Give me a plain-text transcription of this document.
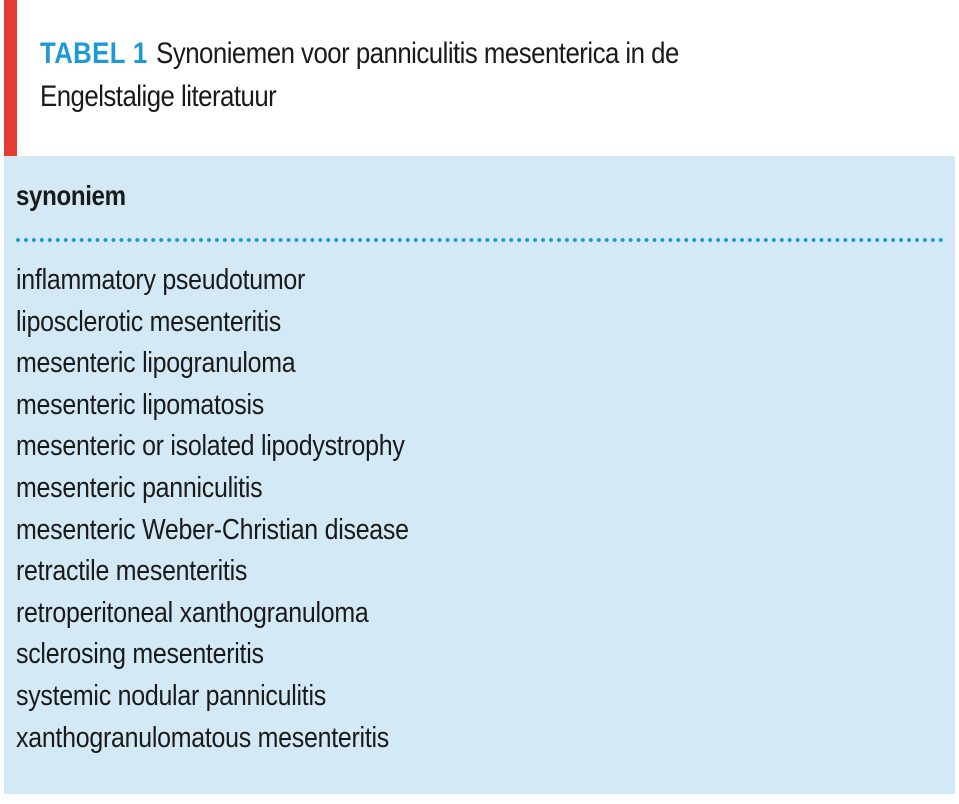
TABEL 1 Synoniemen voor panniculitis mesenterica in de Engelstalige literatuur
synoniem
inflammatory pseudotumor
liposclerotic mesenteritis
mesenteric lipogranuloma
mesenteric lipomatosis
mesenteric or isolated lipodystrophy
mesenteric panniculitis
mesenteric Weber-Christian disease
retractile mesenteritis
retroperitoneal xanthogranuloma
sclerosing mesenteritis
systemic nodular panniculitis
xanthogranulomatous mesenteritis
